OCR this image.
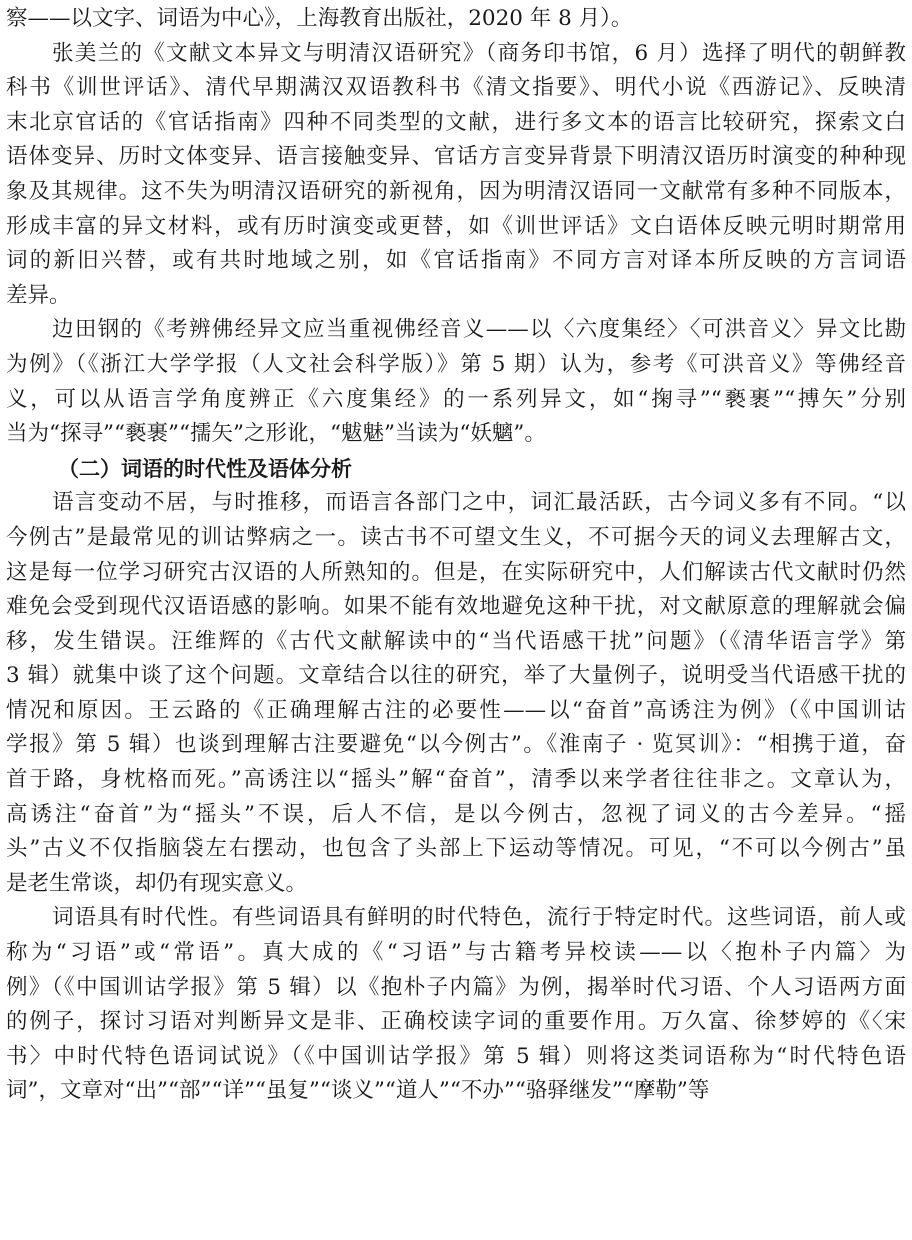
察——以文字、词语为中心》，上海教育出版社，2020 年 8 月）。
张美兰的《文献文本异文与明清汉语研究》（商务印书馆，6 月）选择了明代的朝鲜教
科书《训世评话》、清代早期满汉双语教科书《清文指要》、明代小说《西游记》、反映清
末北京官话的《官话指南》四种不同类型的文献，进行多文本的语言比较研究，探索文白
语体变异、历时文体变异、语言接触变异、官话方言变异背景下明清汉语历时演变的种种现
象及其规律。这不失为明清汉语研究的新视角，因为明清汉语同一文献常有多种不同版本，
形成丰富的异文材料，或有历时演变或更替，如《训世评话》文白语体反映元明时期常用
词的新旧兴替，或有共时地域之别，如《官话指南》不同方言对译本所反映的方言词语
差异。
边田钢的《考辨佛经异文应当重视佛经音义——以〈六度集经〉〈可洪音义〉异文比勘
为例》（《浙江大学学报（人文社会科学版）》第 5 期）认为，参考《可洪音义》等佛经音
义，可以从语言学角度辨正《六度集经》的一系列异文，如“掬寻”“褻裹”“搏矢”分别
当为“探寻”“褻裹”“擩矢”之形讹，“魃魅”当读为“妖魑”。
（二）词语的时代性及语体分析
语言变动不居，与时推移，而语言各部门之中，词汇最活跃，古今词义多有不同。“以
今例古”是最常见的训诂弊病之一。读古书不可望文生义，不可据今天的词义去理解古文，
这是每一位学习研究古汉语的人所熟知的。但是，在实际研究中，人们解读古代文献时仍然
难免会受到现代汉语语感的影响。如果不能有效地避免这种干扰，对文献原意的理解就会偏
移，发生错误。汪维辉的《古代文献解读中的“当代语感干扰”问题》（《清华语言学》第
3 辑）就集中谈了这个问题。文章结合以往的研究，举了大量例子，说明受当代语感干扰的
情况和原因。王云路的《正确理解古注的必要性——以“奋首”高诱注为例》（《中国训诂
学报》第 5 辑）也谈到理解古注要避免“以今例古”。《淮南子 · 览冥训》：“相携于道，奋
首于路，身枕格而死。”高诱注以“摇头”解“奋首”，清季以来学者往往非之。文章认为，
高诱注“奋首”为“摇头”不误，后人不信，是以今例古，忽视了词义的古今差异。“摇
头”古义不仅指脑袋左右摆动，也包含了头部上下运动等情况。可见，“不可以今例古”虽
是老生常谈，却仍有现实意义。
词语具有时代性。有些词语具有鲜明的时代特色，流行于特定时代。这些词语，前人或
称为“习语”或“常语”。真大成的《“习语”与古籍考异校读——以〈抱朴子内篇〉为
例》（《中国训诂学报》第 5 辑）以《抱朴子内篇》为例，揭举时代习语、个人习语两方面
的例子，探讨习语对判断异文是非、正确校读字词的重要作用。万久富、徐梦婷的《〈宋
书〉中时代特色语词试说》（《中国训诂学报》第 5 辑）则将这类词语称为“时代特色语
词”，文章对“出”“部”“详”“虽复”“谈义”“道人”“不办”“骆驿继发”“摩勒”等
